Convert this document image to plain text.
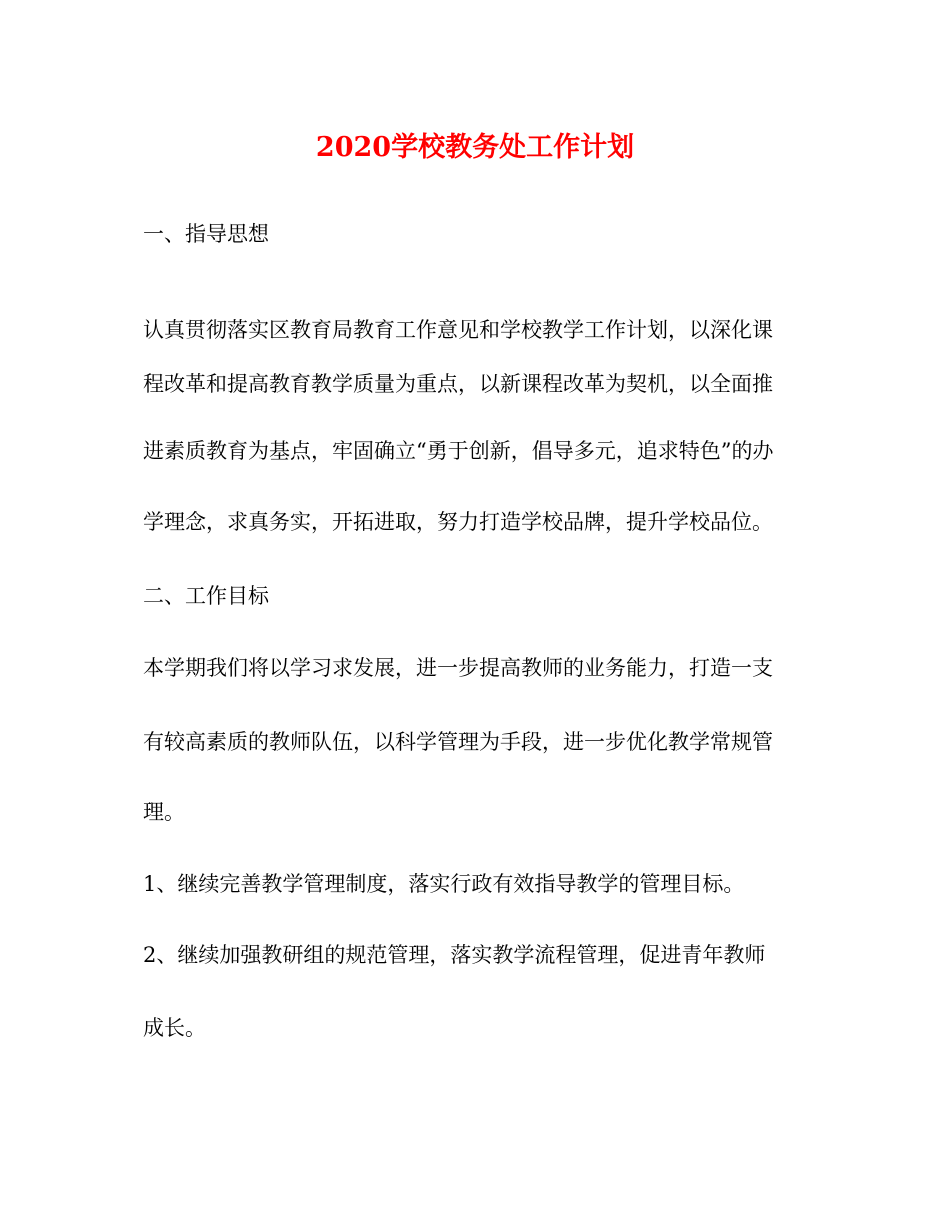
2020学校教务处工作计划
一、指导思想
认真贯彻落实区教育局教育工作意见和学校教学工作计划，以深化课
程改革和提高教育教学质量为重点，以新课程改革为契机，以全面推
进素质教育为基点，牢固确立“勇于创新，倡导多元，追求特色”的办
学理念，求真务实，开拓进取，努力打造学校品牌，提升学校品位。
二、工作目标
本学期我们将以学习求发展，进一步提高教师的业务能力，打造一支
有较高素质的教师队伍，以科学管理为手段，进一步优化教学常规管
理。
1、继续完善教学管理制度，落实行政有效指导教学的管理目标。
2、继续加强教研组的规范管理，落实教学流程管理，促进青年教师
成长。
